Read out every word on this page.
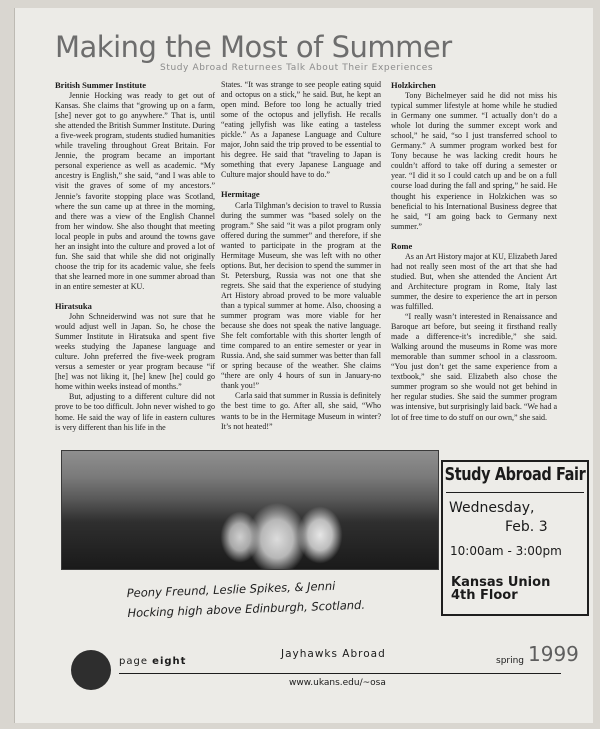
Making the Most of Summer
Study Abroad Returnees Talk About Their Experiences
British Summer Institute

Jennie Hocking was ready to get out of Kansas. She claims that “growing up on a farm, [she] never got to go anywhere.” That is, until she attended the British Summer Institute. During a five-week program, students studied humanities while traveling throughout Great Britain. For Jennie, the program became an important personal experience as well as academic. “My ancestry is English,” she said, “and I was able to visit the graves of some of my ancestors.” Jennie’s favorite stopping place was Scotland, where the sun came up at three in the morning, and there was a view of the English Channel from her window. She also thought that meeting local people in pubs and around the towns gave her an insight into the culture and proved a lot of fun. She said that while she did not originally choose the trip for its academic value, she feels that she learned more in one summer abroad than in an entire semester at KU.

Hiratsuka

John Schneiderwind was not sure that he would adjust well in Japan. So, he chose the Summer Institute in Hiratsuka and spent five weeks studying the Japanese language and culture. John preferred the five-week program versus a semester or year program because “if [he] was not liking it, [he] knew [he] could go home within weeks instead of months.”

But, adjusting to a different culture did not prove to be too difficult. John never wished to go home. He said the way of life in eastern cultures is very different than his life in the

States. “It was strange to see people eating squid and octopus on a stick,” he said. But, he kept an open mind. Before too long he actually tried some of the octopus and jellyfish. He recalls “eating jellyfish was like eating a tasteless pickle.” As a Japanese Language and Culture major, John said the trip proved to be essential to his degree. He said that “traveling to Japan is something that every Japanese Language and Culture major should have to do.”

Hermitage

Carla Tilghman’s decision to travel to Russia during the summer was “based solely on the program.” She said “it was a pilot program only offered during the summer” and therefore, if she wanted to participate in the program at the Hermitage Museum, she was left with no other options. But, her decision to spend the summer in St. Petersburg, Russia was not one that she regrets. She said that the experience of studying Art History abroad proved to be more valuable than a typical summer at home. Also, choosing a summer program was more viable for her because she does not speak the native language. She felt comfortable with this shorter length of time compared to an entire semester or year in Russia. And, she said summer was better than fall or spring because of the weather. She claims “there are only 4 hours of sun in January-no thank you!”

Carla said that summer in Russia is definitely the best time to go. After all, she said, “Who wants to be in the Hermitage Museum in winter? It’s not heated!”

Holzkirchen

Tony Bichelmeyer said he did not miss his typical summer lifestyle at home while he studied in Germany one summer. “I actually don’t do a whole lot during the summer except work and school,” he said, “so I just transferred school to Germany.” A summer program worked best for Tony because he was lacking credit hours he couldn’t afford to take off during a semester or year. “I did it so I could catch up and be on a full course load during the fall and spring,” he said. He thought his experience in Holzkichen was so beneficial to his International Business degree that he said, “I am going back to Germany next summer.”

Rome

As an Art History major at KU, Elizabeth Jared had not really seen most of the art that she had studied. But, when she attended the Ancient Art and Architecture program in Rome, Italy last summer, the desire to experience the art in person was fulfilled.

“I really wasn’t interested in Renaissance and Baroque art before, but seeing it firsthand really made a difference-it’s incredible,” she said. Walking around the museums in Rome was more memorable than summer school in a classroom. “You just don’t get the same experience from a textbook,” she said. Elizabeth also chose the summer program so she would not get behind in her regular studies. She said the summer program was intensive, but surprisingly laid back. “We had a lot of free time to do stuff on our own,” she said.

Peony Freund, Leslie Spikes, & Jenni
Hocking high above Edinburgh, Scotland.
Study Abroad Fair
Wednesday,
Feb. 3
10:00am - 3:00pm
Kansas Union
4th Floor
page eight
Jayhawks Abroad
www.ukans.edu/~osa
spring 1999
